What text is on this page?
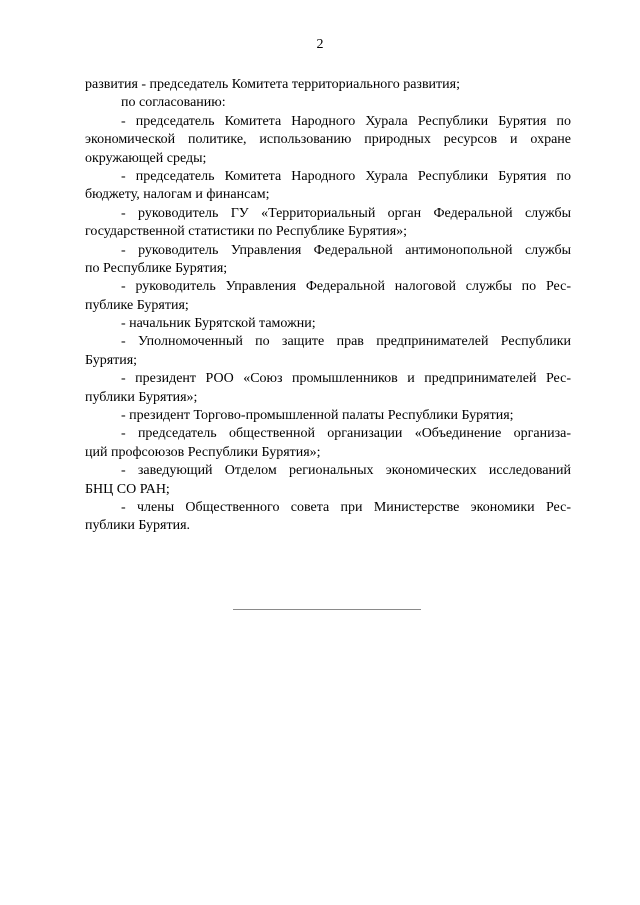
2
развития - председатель Комитета территориального развития;
по согласованию:
- председатель Комитета Народного Хурала Республики Бурятия по
экономической политике, использованию природных ресурсов и охране
окружающей среды;
- председатель Комитета Народного Хурала Республики Бурятия по
бюджету, налогам и финансам;
- руководитель ГУ «Территориальный орган Федеральной службы
государственной статистики по Республике Бурятия»;
- руководитель Управления Федеральной антимонопольной службы
по Республике Бурятия;
- руководитель Управления Федеральной налоговой службы по Рес-
публике Бурятия;
- начальник Бурятской таможни;
- Уполномоченный по защите прав предпринимателей Республики
Бурятия;
- президент РОО «Союз промышленников и предпринимателей Рес-
публики Бурятия»;
- президент Торгово-промышленной палаты Республики Бурятия;
- председатель общественной организации «Объединение организа-
ций профсоюзов Республики Бурятия»;
- заведующий Отделом региональных экономических исследований
БНЦ СО РАН;
- члены Общественного совета при Министерстве экономики Рес-
публики Бурятия.
